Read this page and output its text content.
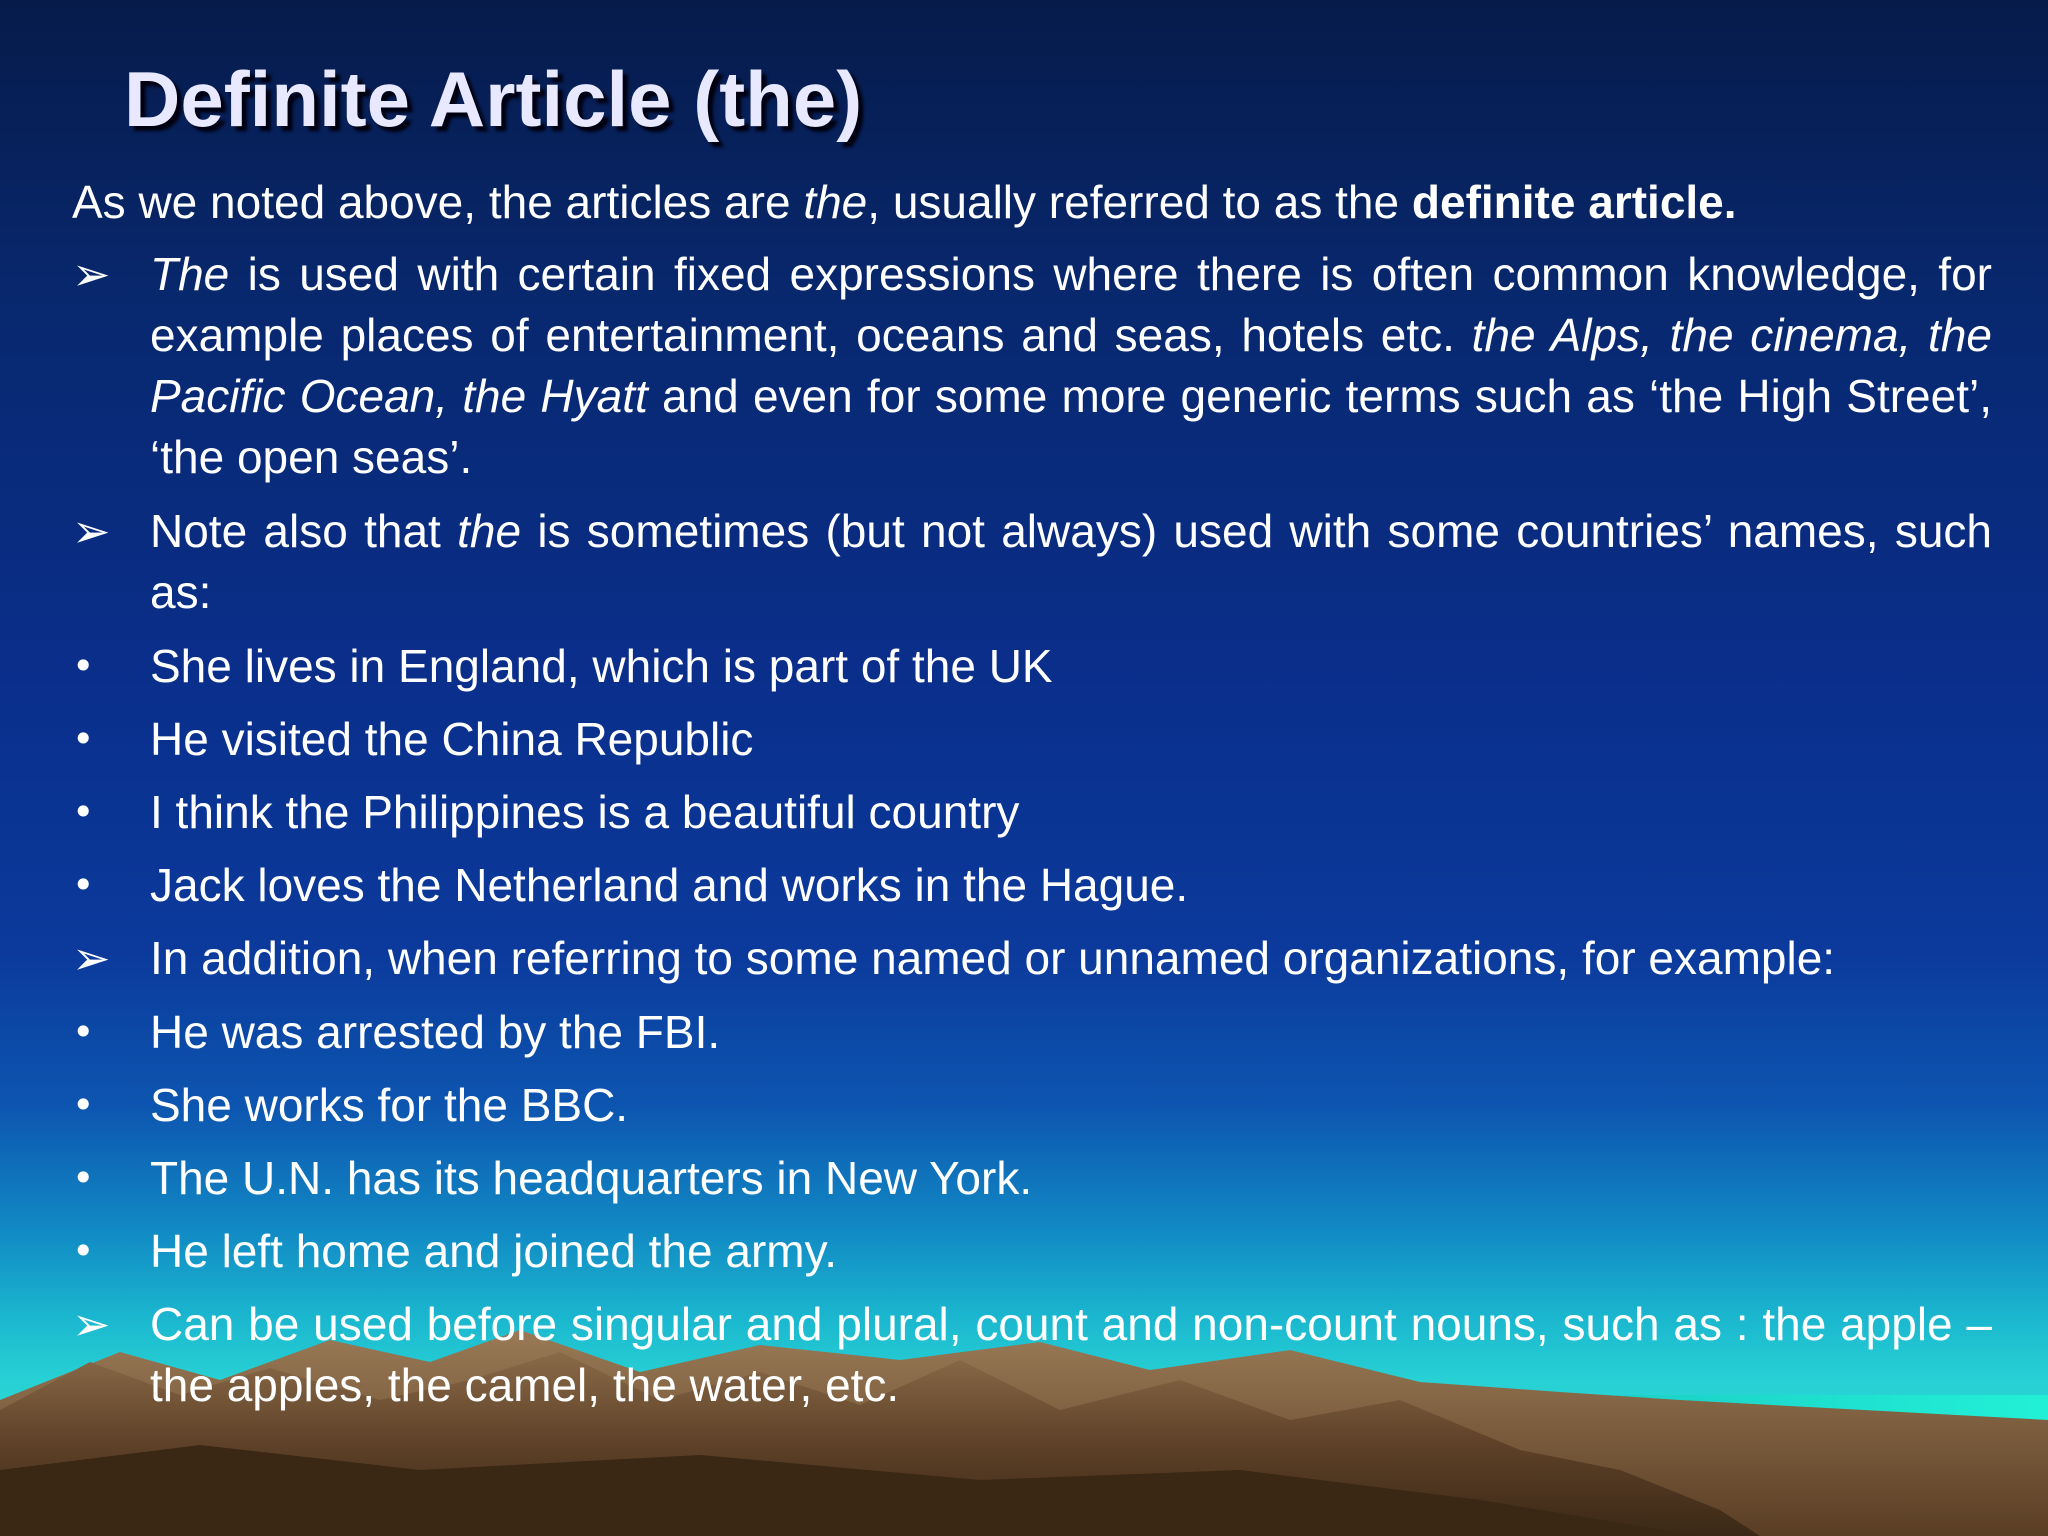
Definite Article (the)

As we noted above, the articles are the, usually referred to as the definite article.

➢ The is used with certain fixed expressions where there is often common knowledge, for example places of entertainment, oceans and seas, hotels etc. the Alps, the cinema, the Pacific Ocean, the Hyatt and even for some more generic terms such as ‘the High Street’, ‘the open seas’.
➢ Note also that the is sometimes (but not always) used with some countries’ names, such as:
•	She lives in England, which is part of the UK
•	He visited the China Republic
•	I think the Philippines is a beautiful country
•	Jack loves the Netherland and works in the Hague.
➢ In addition, when referring to some named or unnamed organizations, for example:
•	He was arrested by the FBI.
•	She works for the BBC.
•	The U.N. has its headquarters in New York.
•	He left home and joined the army.
➢ Can be used before singular and plural, count and non-count nouns, such as : the apple – the apples, the camel, the water, etc.
